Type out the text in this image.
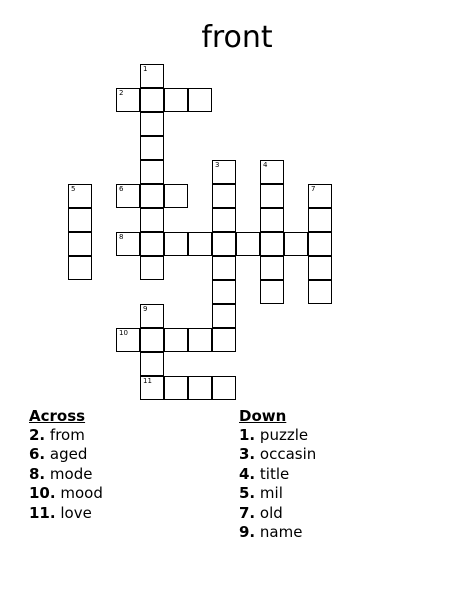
front
1
2
3	4
5	6	7
8
9
10
11
Across
2. from
6. aged
8. mode
10. mood
11. love
Down
1. puzzle
3. occasin
4. title
5. mil
7. old
9. name
